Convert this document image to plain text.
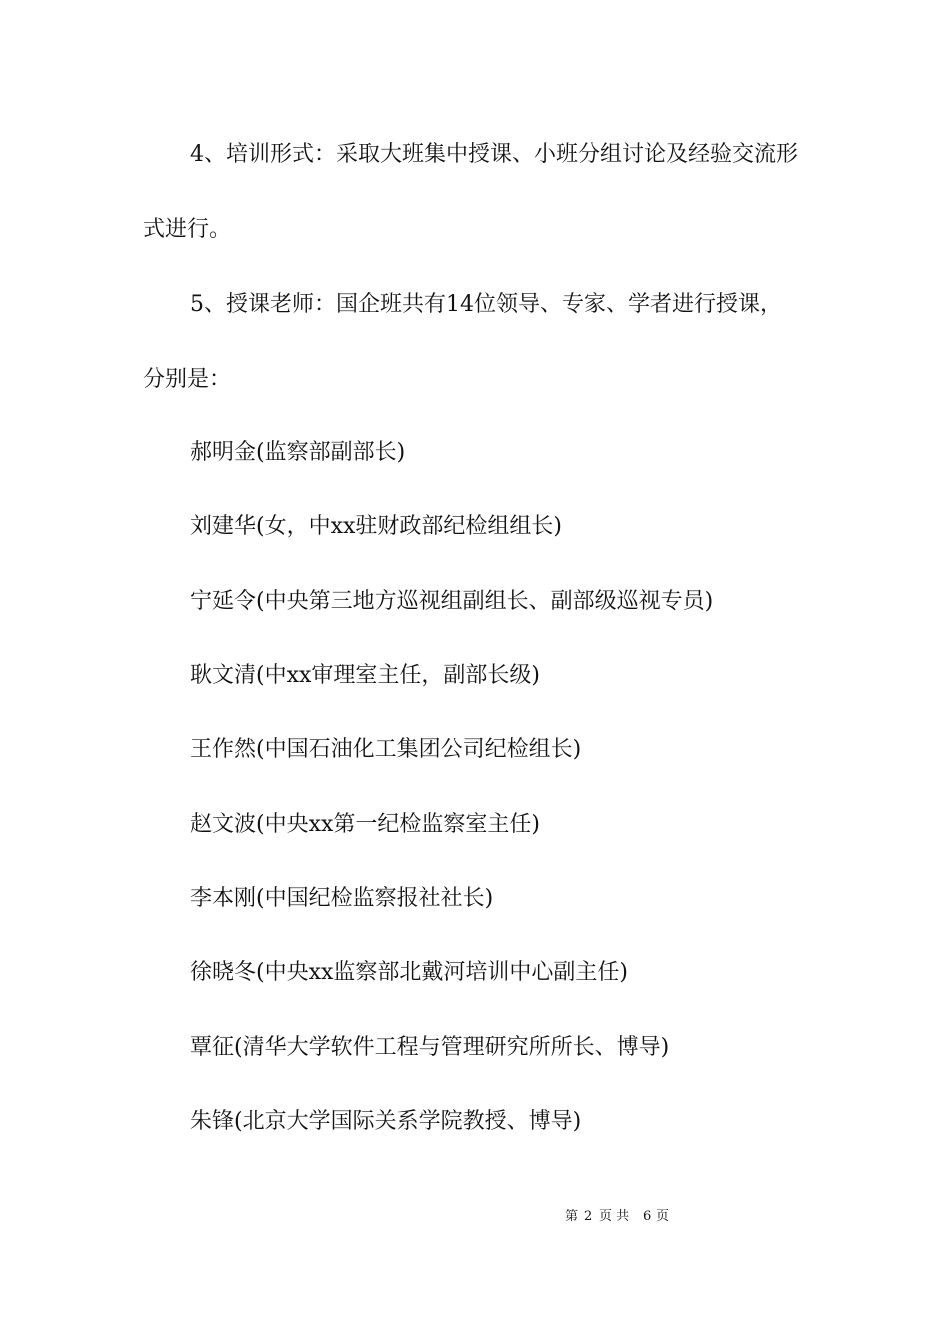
4、培训形式：采取大班集中授课、小班分组讨论及经验交流形
式进行。
5、授课老师：国企班共有14位领导、专家、学者进行授课，
分别是：
郝明金(监察部副部长)
刘建华(女，中xx驻财政部纪检组组长)
宁延令(中央第三地方巡视组副组长、副部级巡视专员)
耿文清(中xx审理室主任，副部长级)
王作然(中国石油化工集团公司纪检组长)
赵文波(中央xx第一纪检监察室主任)
李本刚(中国纪检监察报社社长)
徐晓冬(中央xx监察部北戴河培训中心副主任)
覃征(清华大学软件工程与管理研究所所长、博导)
朱锋(北京大学国际关系学院教授、博导)
第 2 页 共 6 页
